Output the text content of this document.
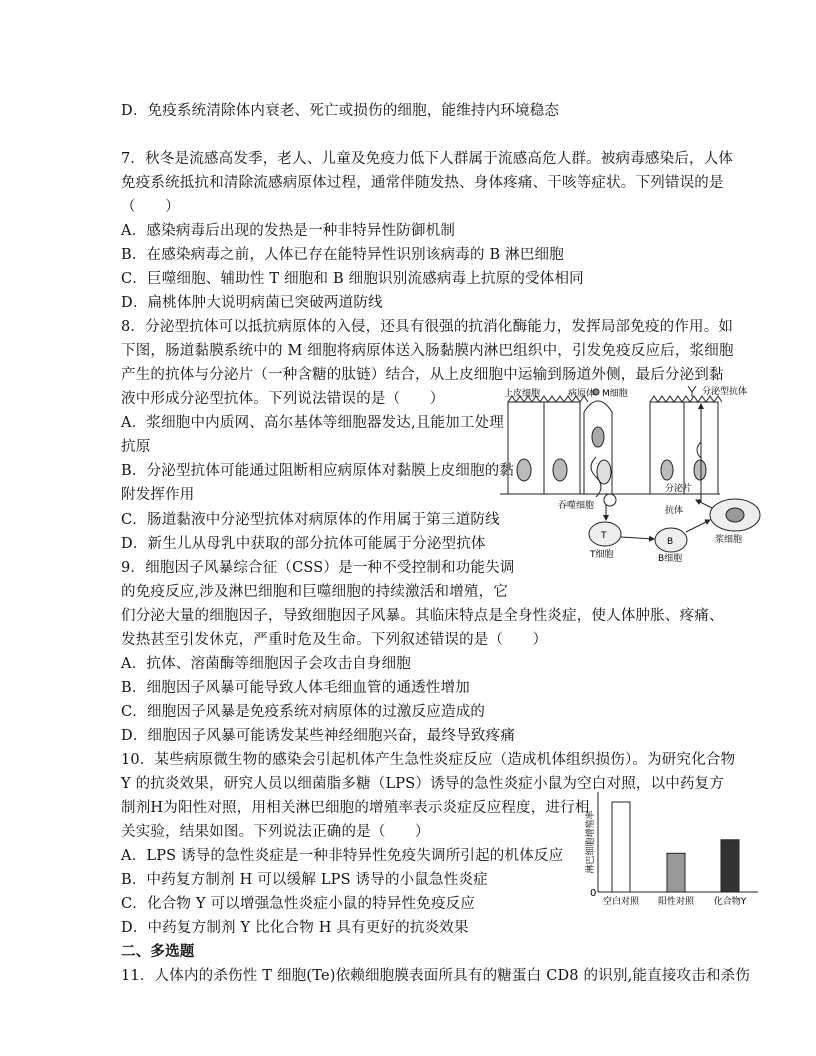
D．免疫系统清除体内衰老、死亡或损伤的细胞，能维持内环境稳态
7．秋冬是流感高发季，老人、儿童及免疫力低下人群属于流感高危人群。被病毒感染后，人体
免疫系统抵抗和清除流感病原体过程，通常伴随发热、身体疼痛、干咳等症状。下列错误的是
（　　）
A．感染病毒后出现的发热是一种非特异性防御机制
B．在感染病毒之前，人体已存在能特异性识别该病毒的 B 淋巴细胞
C．巨噬细胞、辅助性 T 细胞和 B 细胞识别流感病毒上抗原的受体相同
D．扁桃体肿大说明病菌已突破两道防线
8．分泌型抗体可以抵抗病原体的入侵，还具有很强的抗消化酶能力，发挥局部免疫的作用。如
下图，肠道黏膜系统中的 M 细胞将病原体送入肠黏膜内淋巴组织中，引发免疫反应后，浆细胞
产生的抗体与分泌片（一种含糖的肽链）结合，从上皮细胞中运输到肠道外侧，最后分泌到黏
液中形成分泌型抗体。下列说法错误的是（　　）
A．浆细胞中内质网、高尔基体等细胞器发达,且能加工处理
抗原
B．分泌型抗体可能通过阻断相应病原体对黏膜上皮细胞的黏
附发挥作用
C．肠道黏液中分泌型抗体对病原体的作用属于第三道防线
D．新生儿从母乳中获取的部分抗体可能属于分泌型抗体
9．细胞因子风暴综合征（CSS）是一种不受控制和功能失调
的免疫反应,涉及淋巴细胞和巨噬细胞的持续激活和增殖，它
们分泌大量的细胞因子，导致细胞因子风暴。其临床特点是全身性炎症，使人体肿胀、疼痛、
发热甚至引发休克，严重时危及生命。下列叙述错误的是（　　）
A．抗体、溶菌酶等细胞因子会攻击自身细胞
B．细胞因子风暴可能导致人体毛细血管的通透性增加
C．细胞因子风暴是免疫系统对病原体的过激反应造成的
D．细胞因子风暴可能诱发某些神经细胞兴奋，最终导致疼痛
10．某些病原微生物的感染会引起机体产生急性炎症反应（造成机体组织损伤）。为研究化合物
Y 的抗炎效果，研究人员以细菌脂多糖（LPS）诱导的急性炎症小鼠为空白对照，以中药复方
制剂H为阳性对照，用相关淋巴细胞的增殖率表示炎症反应程度，进行相
关实验，结果如图。下列说法正确的是（　　）
A．LPS 诱导的急性炎症是一种非特异性免疫失调所引起的机体反应
B．中药复方制剂 H 可以缓解 LPS 诱导的小鼠急性炎症
C．化合物 Y 可以增强急性炎症小鼠的特异性免疫反应
D．中药复方制剂 Y 比化合物 H 具有更好的抗炎效果
二、多选题
11．人体内的杀伤性 T 细胞(Te)依赖细胞膜表面所具有的糖蛋白 CD8 的识别,能直接攻击和杀伤
上皮细胞	病原体 M细胞	分泌型抗体
吞噬细胞
分泌片
抗体
T
B
T细胞	B细胞
浆细胞
空白对照 阳性对照 化合物Y
0
淋巴细胞增殖率
